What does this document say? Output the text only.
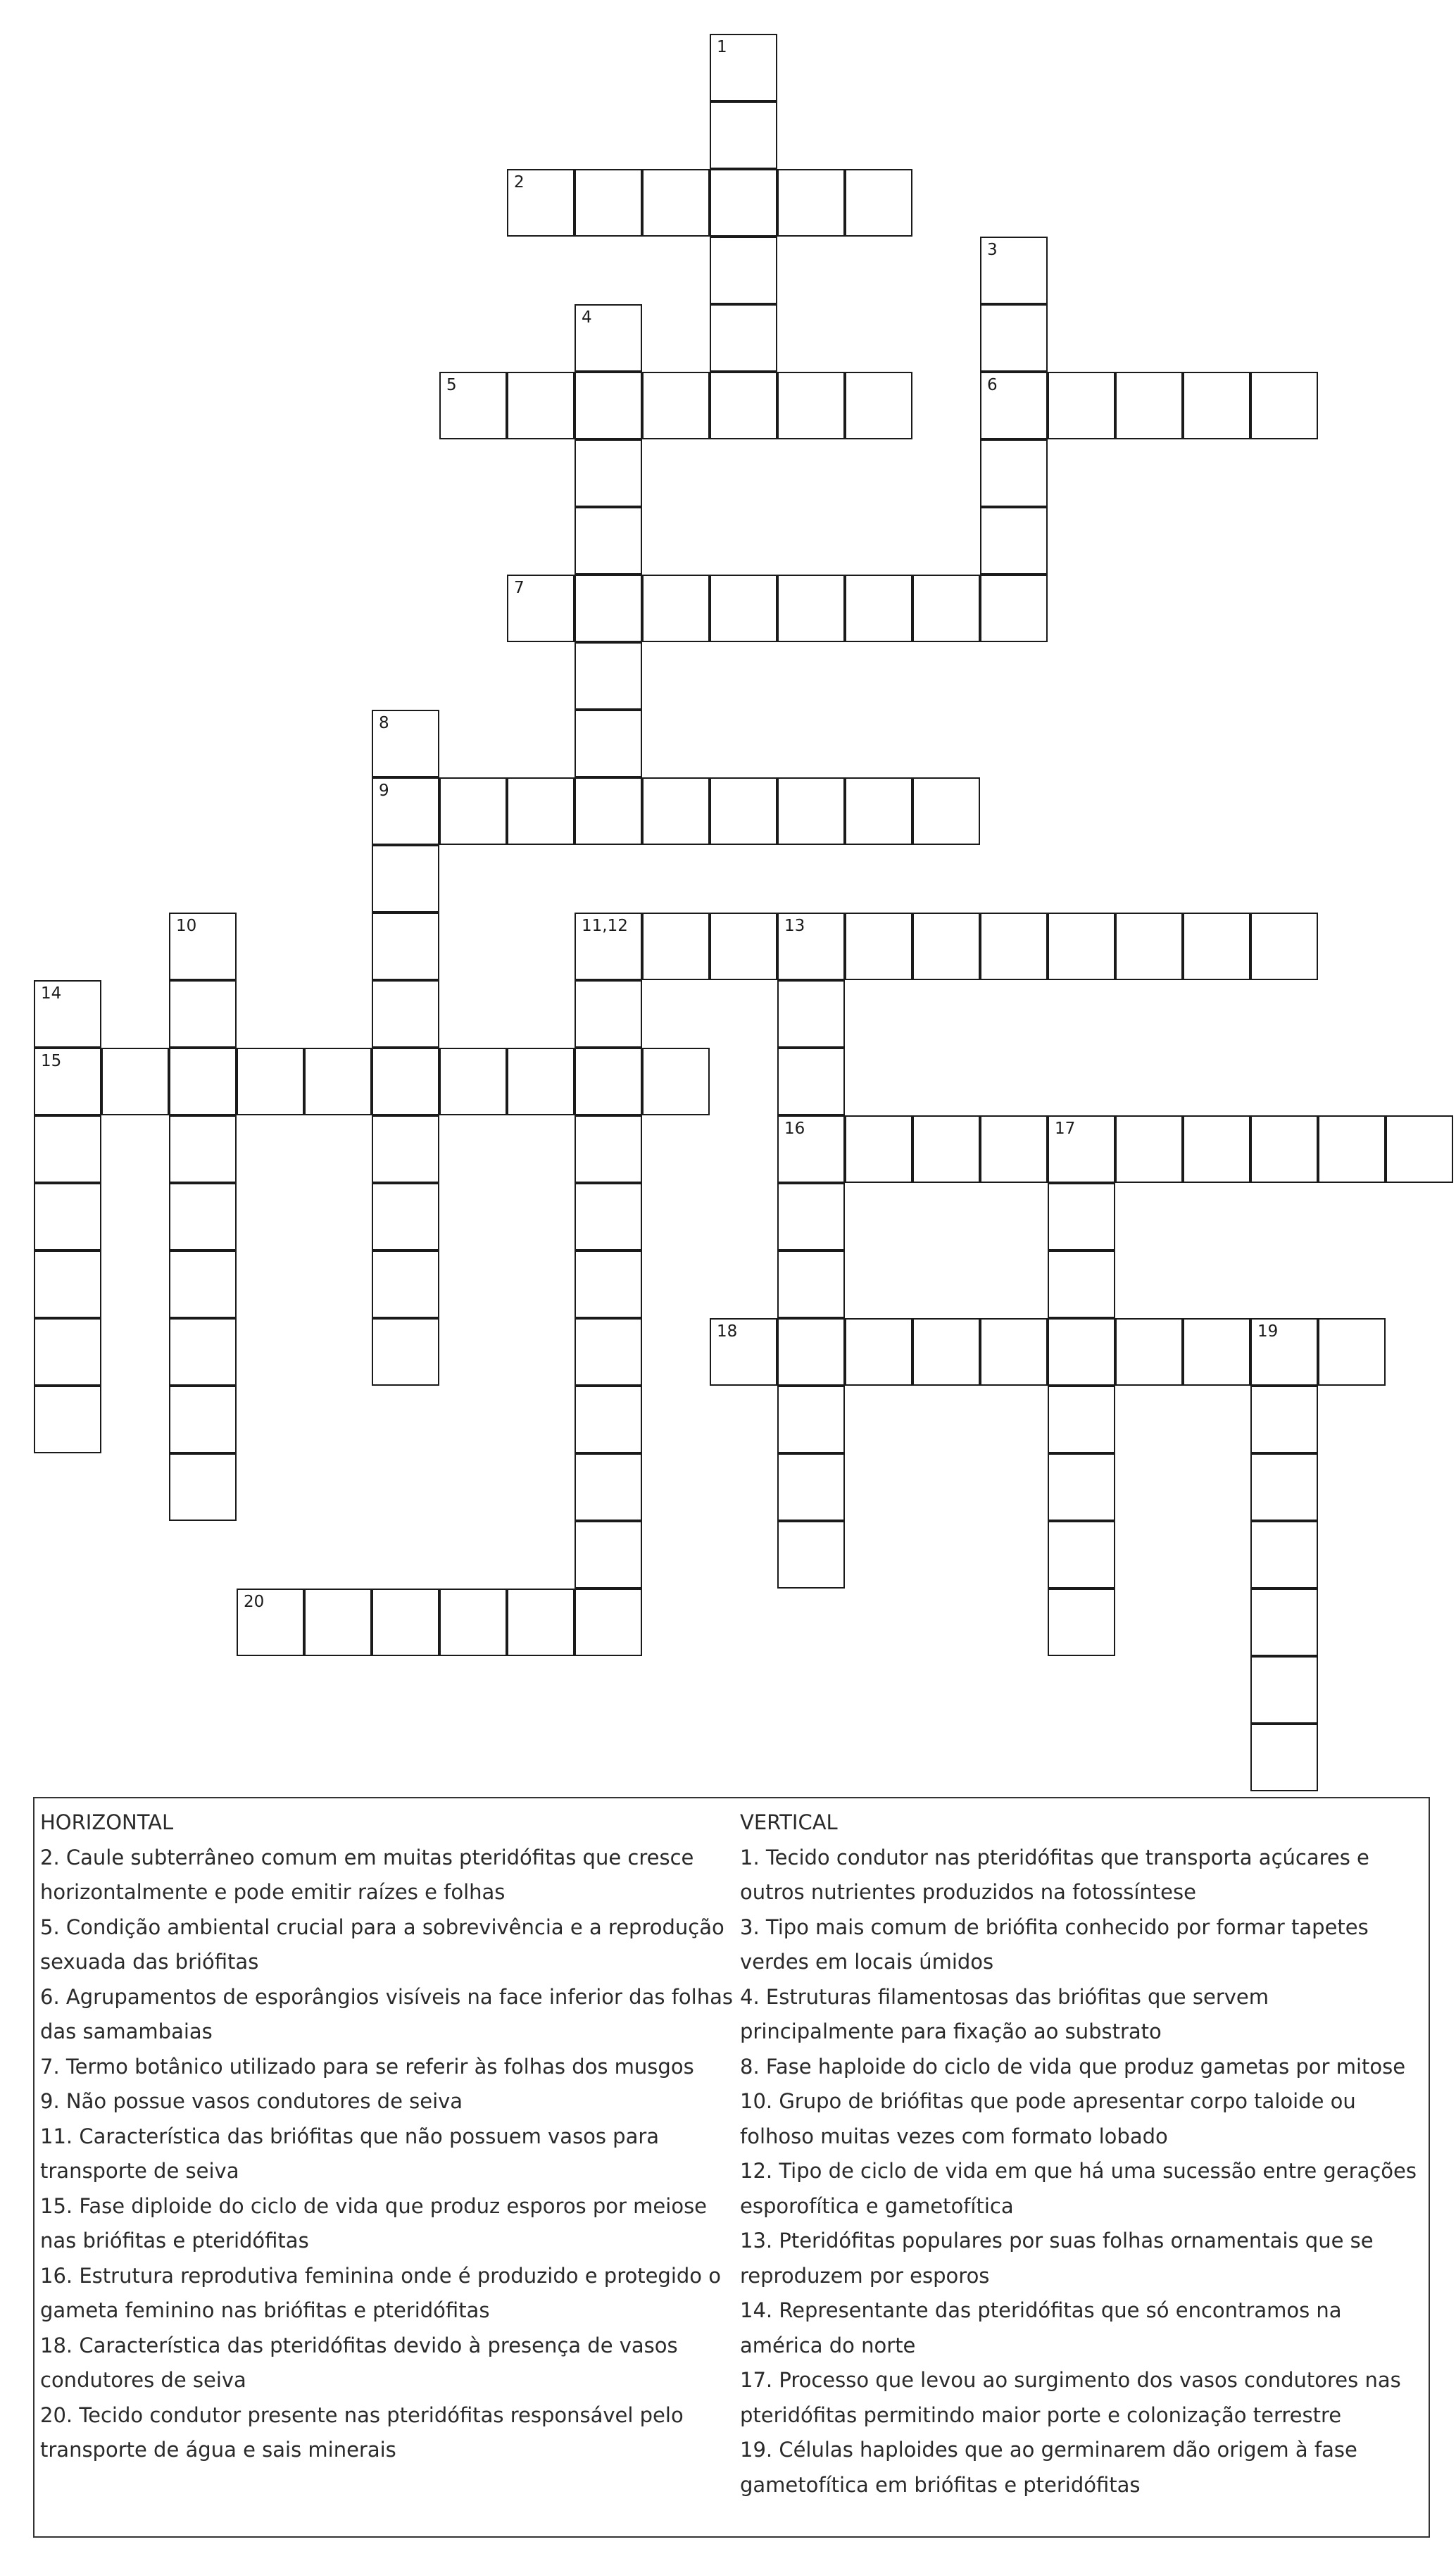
2
5	6
7
9
11,12	13
15
16	17
18	19
20
1
3
4
8
10
14
HORIZONTAL
2. Caule subterrâneo comum em muitas pteridófitas que cresce horizontalmente e pode emitir raízes e folhas
5. Condição ambiental crucial para a sobrevivência e a reprodução sexuada das briófitas
6. Agrupamentos de esporângios visíveis na face inferior das folhas das samambaias
7. Termo botânico utilizado para se referir às folhas dos musgos
9. Não possue vasos condutores de seiva
11. Característica das briófitas que não possuem vasos para transporte de seiva
15. Fase diploide do ciclo de vida que produz esporos por meiose nas briófitas e pteridófitas
16. Estrutura reprodutiva feminina onde é produzido e protegido o gameta feminino nas briófitas e pteridófitas
18. Característica das pteridófitas devido à presença de vasos condutores de seiva
20. Tecido condutor presente nas pteridófitas responsável pelo transporte de água e sais minerais
VERTICAL
1. Tecido condutor nas pteridófitas que transporta açúcares e outros nutrientes produzidos na fotossíntese
3. Tipo mais comum de briófita conhecido por formar tapetes verdes em locais úmidos
4. Estruturas filamentosas das briófitas que servem principalmente para fixação ao substrato
8. Fase haploide do ciclo de vida que produz gametas por mitose
10. Grupo de briófitas que pode apresentar corpo taloide ou folhoso muitas vezes com formato lobado
12. Tipo de ciclo de vida em que há uma sucessão entre gerações esporofítica e gametofítica
13. Pteridófitas populares por suas folhas ornamentais que se reproduzem por esporos
14. Representante das pteridófitas que só encontramos na américa do norte
17. Processo que levou ao surgimento dos vasos condutores nas pteridófitas permitindo maior porte e colonização terrestre
19. Células haploides que ao germinarem dão origem à fase gametofítica em briófitas e pteridófitas
